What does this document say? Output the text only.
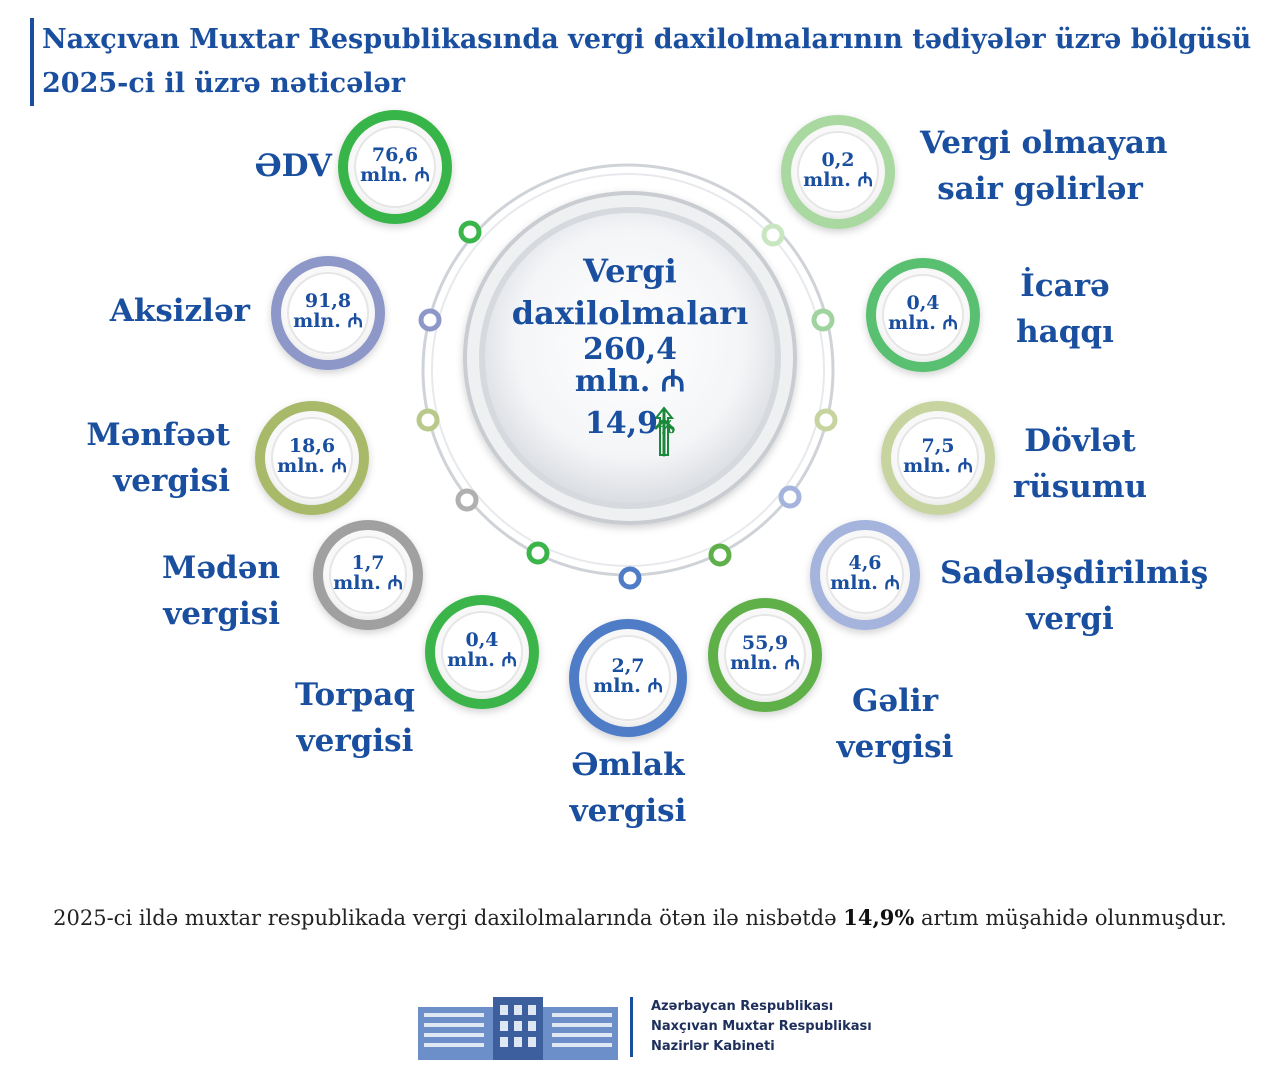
Naxçıvan Muxtar Respublikasında vergi daxilolmalarının tədiyələr üzrə bölgüsü
2025-ci il üzrə nəticələr
Vergi
daxilolmaları
260,4
mln. ₼
14,9%
ƏDV
Aksizlər
Mənfəət
vergisi
Mədən
vergisi
Torpaq
vergisi
Əmlak
vergisi
Gəlir
vergisi
Sadələşdirilmiş
vergi
Dövlət
rüsumu
İcarə
haqqı
Vergi olmayan
sair gəlirlər
2025-ci ildə muxtar respublikada vergi daxilolmalarında ötən ilə nisbətdə 14,9% artım müşahidə olunmuşdur.
Azərbaycan Respublikası
Naxçıvan Muxtar Respublikası
Nazirlər Kabineti
76,6
mln. ₼
91,8
mln. ₼
18,6
mln. ₼
1,7
mln. ₼
0,4
mln. ₼	2,7
mln. ₼
55,9
mln. ₼
4,6
mln. ₼
7,5
mln. ₼
0,4
mln. ₼
0,2
mln. ₼
